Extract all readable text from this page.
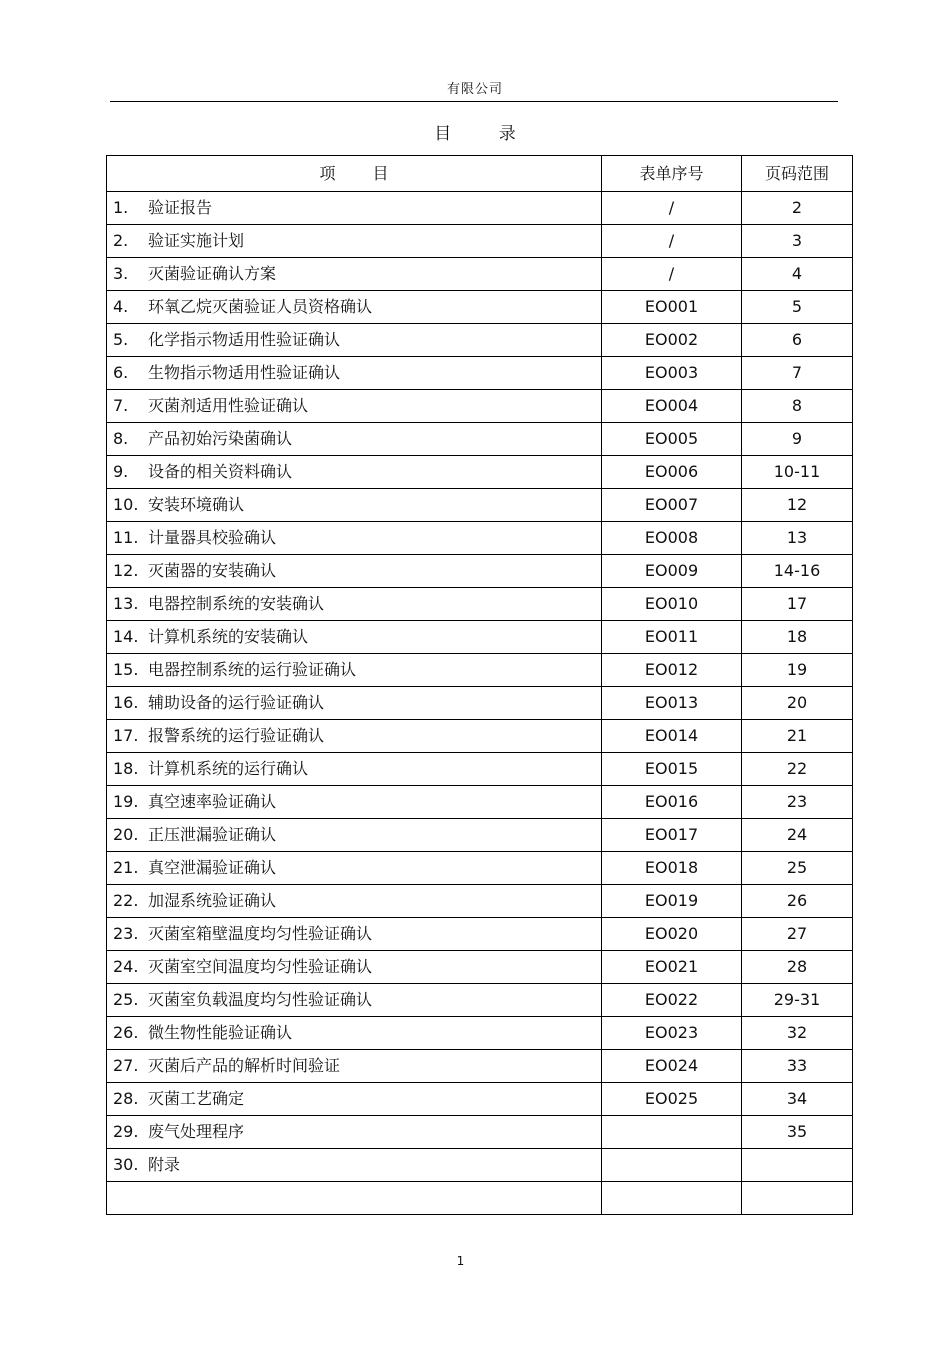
有限公司
目 录
项 目	表单序号	页码范围
1. 验证报告	/	2
2. 验证实施计划	/	3
3. 灭菌验证确认方案	/	4
4. 环氧乙烷灭菌验证人员资格确认	EO001	5
5. 化学指示物适用性验证确认	EO002	6
6. 生物指示物适用性验证确认	EO003	7
7. 灭菌剂适用性验证确认	EO004	8
8. 产品初始污染菌确认	EO005	9
9. 设备的相关资料确认	EO006	10-11
10. 安装环境确认	EO007	12
11. 计量器具校验确认	EO008	13
12. 灭菌器的安装确认	EO009	14-16
13. 电器控制系统的安装确认	EO010	17
14. 计算机系统的安装确认	EO011	18
15. 电器控制系统的运行验证确认	EO012	19
16. 辅助设备的运行验证确认	EO013	20
17. 报警系统的运行验证确认	EO014	21
18. 计算机系统的运行确认	EO015	22
19. 真空速率验证确认	EO016	23
20. 正压泄漏验证确认	EO017	24
21. 真空泄漏验证确认	EO018	25
22. 加湿系统验证确认	EO019	26
23. 灭菌室箱壁温度均匀性验证确认	EO020	27
24. 灭菌室空间温度均匀性验证确认	EO021	28
25. 灭菌室负载温度均匀性验证确认	EO022	29-31
26. 微生物性能验证确认	EO023	32
27. 灭菌后产品的解析时间验证	EO024	33
28. 灭菌工艺确定	EO025	34
29. 废气处理程序		35
30. 附录		

1
